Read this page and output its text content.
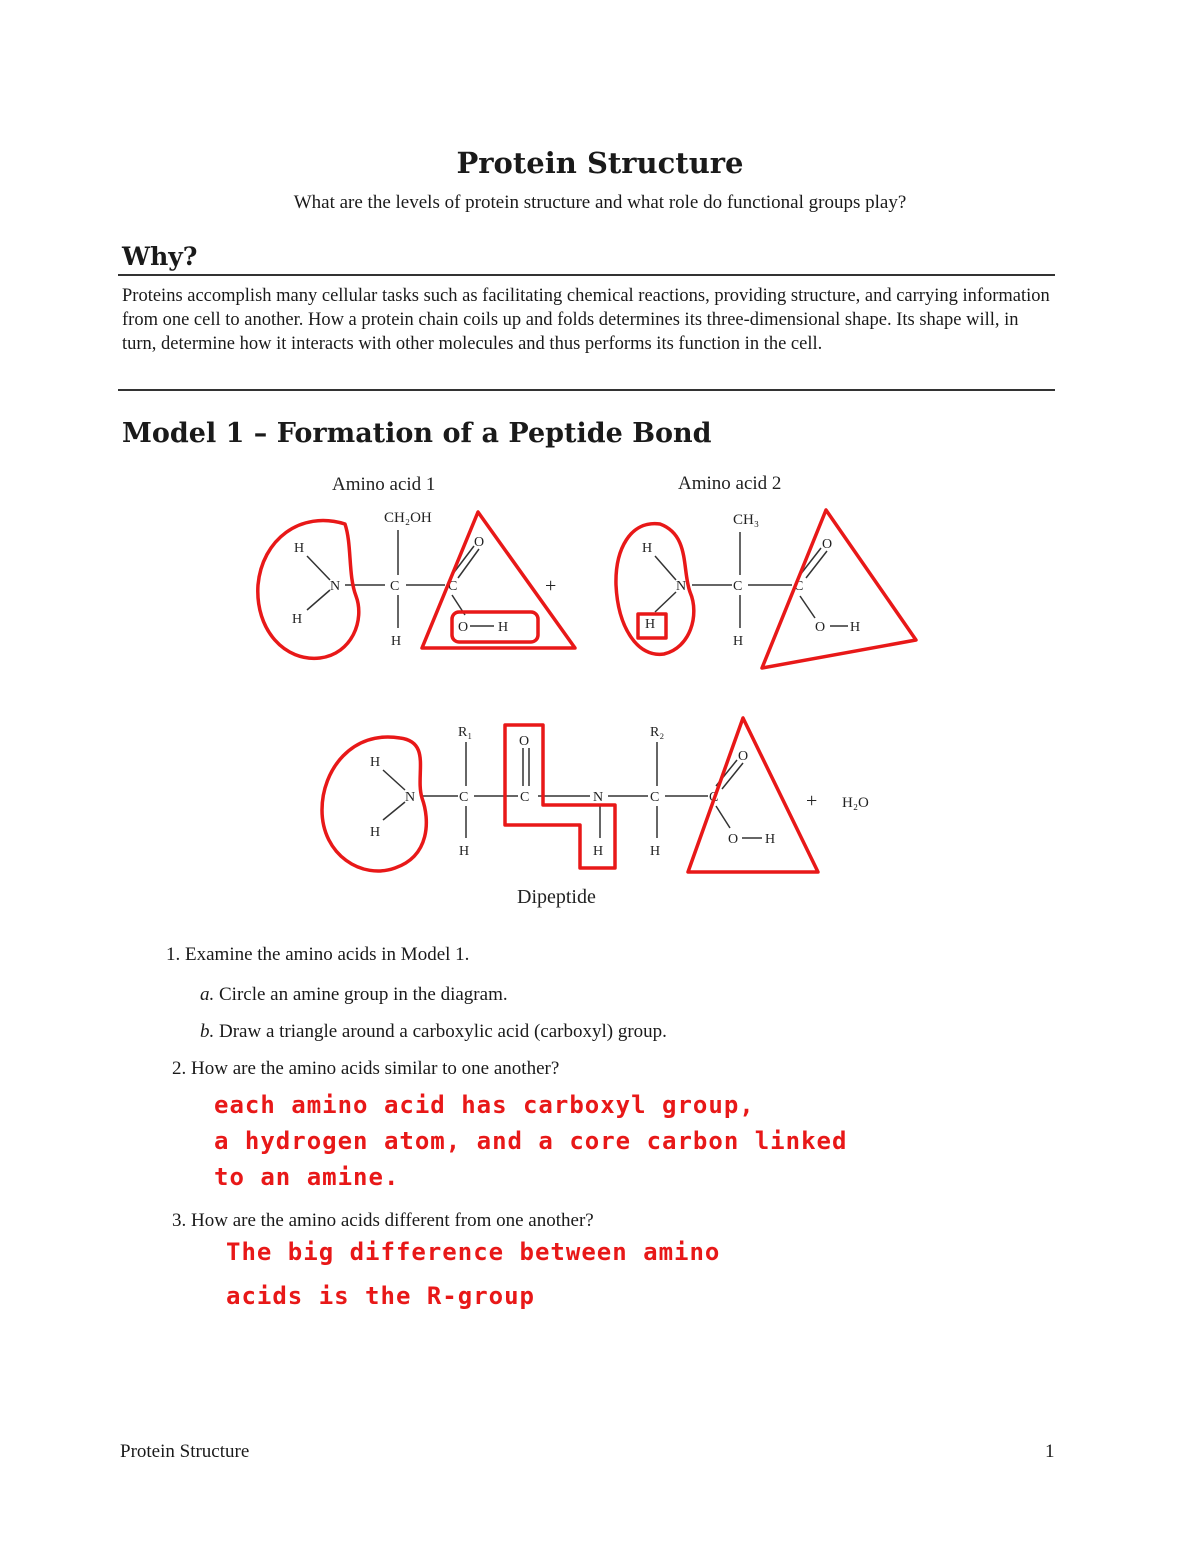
Protein Structure
What are the levels of protein structure and what role do functional groups play?
Why?
Proteins accomplish many cellular tasks such as facilitating chemical reactions, providing structure, and carrying information from one cell to another. How a protein chain coils up and folds determines its three-dimensional shape. Its shape will, in turn, determine how it interacts with other molecules and thus performs its function in the cell.
Model 1 – Formation of a Peptide Bond
Amino acid 1	Amino acid 2
H
H
N	C
CH₂OH
H
C
O
O H
+
H
H
N	C
CH₃
H
C
O
O H
H
H
N	C
R₁
H
O
C	N
H
C
R₂
H
C
O
O H
+ H₂O
Dipeptide
1. Examine the amino acids in Model 1.
a. Circle an amine group in the diagram.
b. Draw a triangle around a carboxylic acid (carboxyl) group.
2. How are the amino acids similar to one another?
each amino acid has carboxyl group,
a hydrogen atom, and a core carbon linked
to an amine.
3. How are the amino acids different from one another?
The big difference between amino
acids is the R-group
Protein Structure	1
